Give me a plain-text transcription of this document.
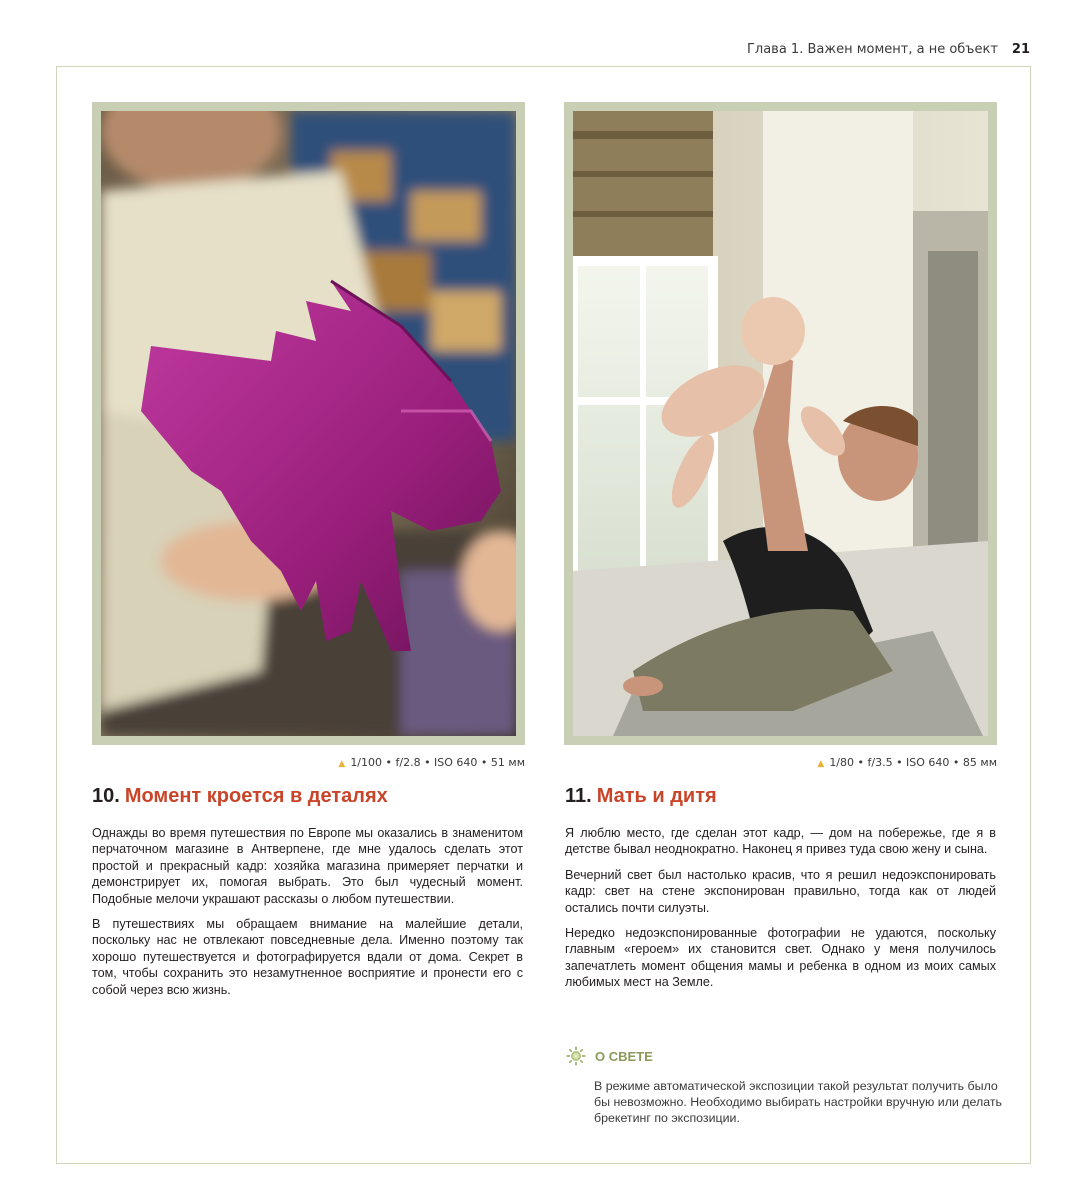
Глава 1. Важен момент, а не объект 21
▲ 1/100 • f/2.8 • ISO 640 • 51 мм	▲ 1/80 • f/3.5 • ISO 640 • 85 мм
10. Момент кроется в деталях

Однажды во время путешествия по Европе мы оказались в знаменитом перчаточном магазине в Антверпене, где мне удалось сделать этот простой и прекрасный кадр: хозяйка магазина примеряет перчатки и демонстрирует их, помогая выбрать. Это был чудесный момент. Подобные мелочи украшают рассказы о любом путешествии.

В путешествиях мы обращаем внимание на малейшие детали, поскольку нас не отвлекают повседневные дела. Именно поэтому так хорошо путешествуется и фотографируется вдали от дома. Секрет в том, чтобы сохранить это незамутненное восприятие и пронести его с собой через всю жизнь.

11. Мать и дитя

Я люблю место, где сделан этот кадр, — дом на побережье, где я в детстве бывал неоднократно. Наконец я привез туда свою жену и сына.

Вечерний свет был настолько красив, что я решил недоэкспонировать кадр: свет на стене экспонирован правильно, тогда как от людей остались почти силуэты.

Нередко недоэкспонированные фотографии не удаются, поскольку главным «героем» их становится свет. Однако у меня получилось запечатлеть момент общения мамы и ребенка в одном из моих самых любимых мест на Земле.

О СВЕТЕ
В режиме автоматической экспозиции такой результат получить было бы невозможно. Необходимо выбирать настройки вручную или делать брекетинг по экспозиции.
